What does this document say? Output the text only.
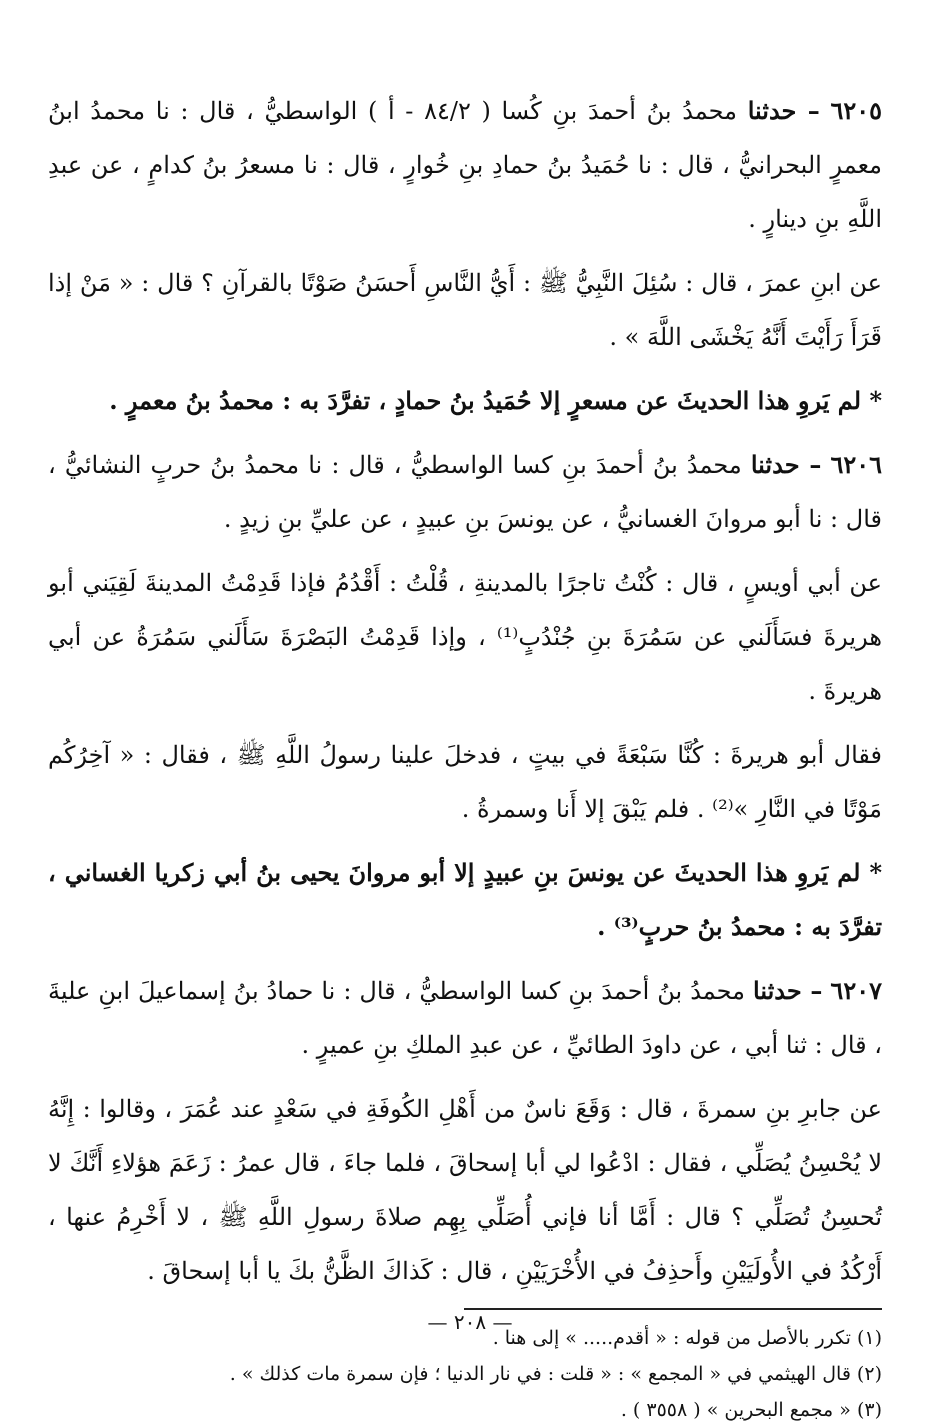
٦٢٠٥ – حدثنا محمدُ بنُ أحمدَ بنِ كُسا ( ٨٤/٢ - أ ) الواسطيُّ ، قال : نا محمدُ ابنُ معمرٍ البحرانيُّ ، قال : نا حُمَيدُ بنُ حمادِ بنِ خُوارٍ ، قال : نا مسعرُ بنُ كدامٍ ، عن عبدِ اللَّهِ بنِ دينارٍ .

عن ابنِ عمرَ ، قال : سُئِلَ النَّبِيُّ ﷺ : أَيُّ النَّاسِ أَحسَنُ صَوْتًا بالقرآنِ ؟ قال : « مَنْ إذا قَرَأَ رَأَيْتَ أَنَّهُ يَخْشَى اللَّهَ » .

* لم يَروِ هذا الحديثَ عن مسعرٍ إلا حُمَيدُ بنُ حمادٍ ، تفرَّدَ به : محمدُ بنُ معمرٍ .

٦٢٠٦ – حدثنا محمدُ بنُ أحمدَ بنِ كسا الواسطيُّ ، قال : نا محمدُ بنُ حربٍ النشائيُّ ، قال : نا أبو مروانَ الغسانيُّ ، عن يونسَ بنِ عبيدٍ ، عن عليِّ بنِ زيدٍ .

عن أبي أويسٍ ، قال : كُنْتُ تاجرًا بالمدينةِ ، قُلْتُ : أَقْدُمُ فإذا قَدِمْتُ المدينةَ لَقِيَني أبو هريرةَ فسَأَلَني عن سَمُرَةَ بنِ جُنْدُبٍ⁽¹⁾ ، وإذا قَدِمْتُ البَصْرَةَ سَأَلَني سَمُرَةُ عن أبي هريرةَ .

فقال أبو هريرةَ : كُنَّا سَبْعَةً في بيتٍ ، فدخلَ علينا رسولُ اللَّهِ ﷺ ، فقال : « آخِرُكُم مَوْتًا في النَّارِ »⁽²⁾ . فلم يَبْقَ إلا أَنا وسمرةُ .

* لم يَروِ هذا الحديثَ عن يونسَ بنِ عبيدٍ إلا أبو مروانَ يحيى بنُ أبي زكريا الغساني ، تفرَّدَ به : محمدُ بنُ حربٍ⁽³⁾ .

٦٢٠٧ – حدثنا محمدُ بنُ أحمدَ بنِ كسا الواسطيُّ ، قال : نا حمادُ بنُ إسماعيلَ ابنِ عليةَ ، قال : ثنا أبي ، عن داودَ الطائيِّ ، عن عبدِ الملكِ بنِ عميرٍ .

عن جابرِ بنِ سمرةَ ، قال : وَقَعَ ناسٌ من أَهْلِ الكُوفَةِ في سَعْدٍ عند عُمَرَ ، وقالوا : إِنَّهُ لا يُحْسِنُ يُصَلِّي ، فقال : ادْعُوا لي أبا إسحاقَ ، فلما جاءَ ، قال عمرُ : زَعَمَ هؤلاءِ أَنَّكَ لا تُحسِنُ تُصَلِّي ؟ قال : أَمَّا أنا فإني أُصَلِّي بِهِم صلاةَ رسولِ اللَّهِ ﷺ ، لا أَخْرِمُ عنها ، أَرْكُدُ في الأُولَيَيْنِ وأَحذِفُ في الأُخْرَيَيْنِ ، قال : كَذاكَ الظَّنُّ بكَ يا أبا إسحاقَ .

(١) تكرر بالأصل من قوله : « أقدم..... » إلى هنا .

(٢) قال الهيثمي في « المجمع » : « قلت : في نار الدنيا ؛ فإن سمرة مات كذلك » .

(٣) « مجمع البحرين » ( ٣٥٥٨ ) .

— ٢٠٨ —
